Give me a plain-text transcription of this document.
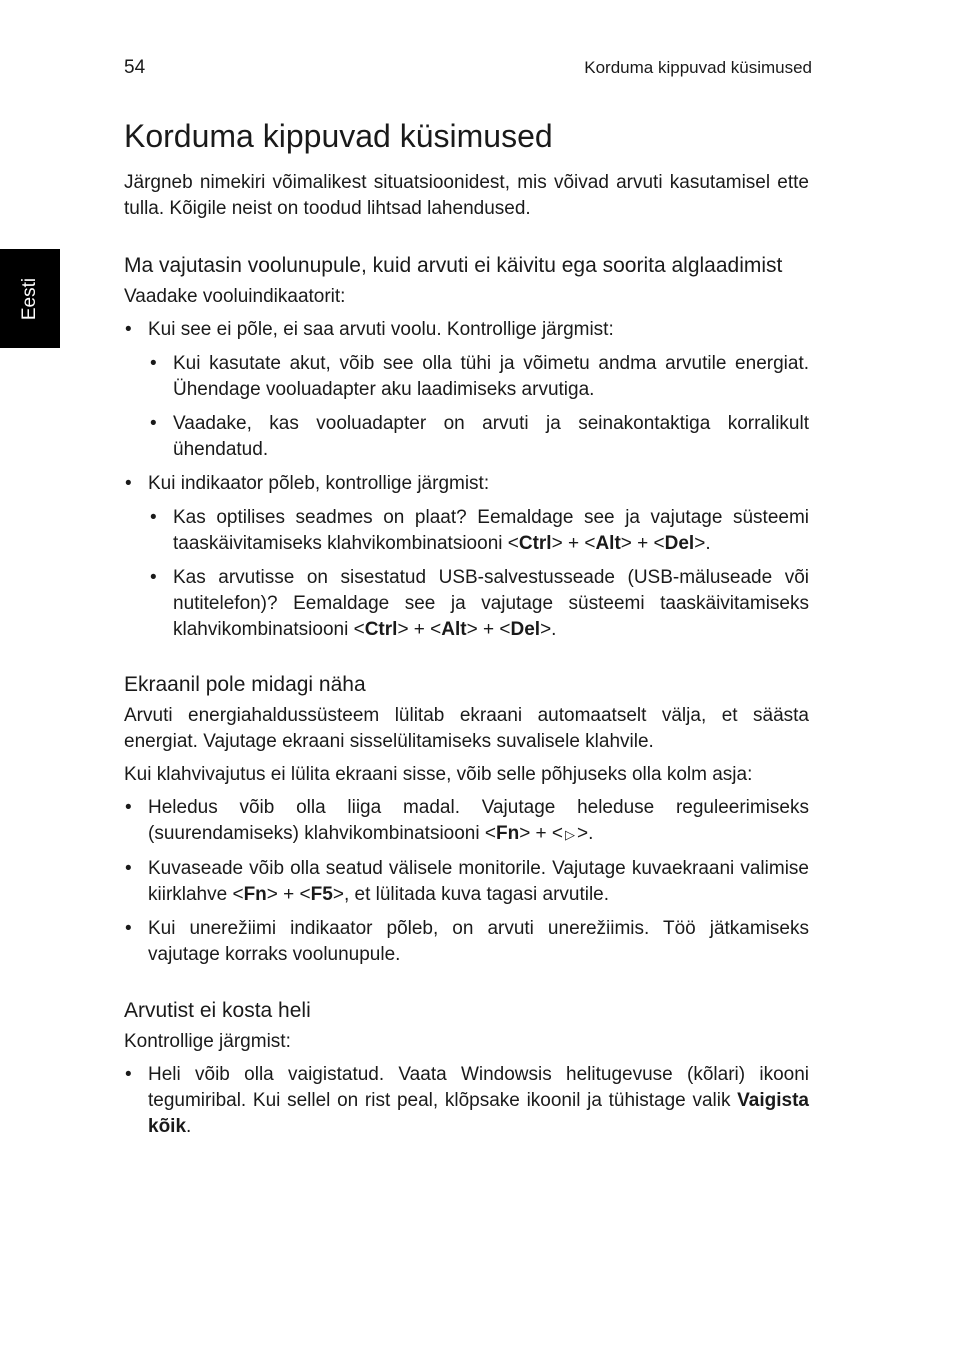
54	Korduma kippuvad küsimused
Eesti
Korduma kippuvad küsimused

Järgneb nimekiri võimalikest situatsioonidest, mis võivad arvuti kasutamisel ette tulla. Kõigile neist on toodud lihtsad lahendused.

Ma vajutasin voolunupule, kuid arvuti ei käivitu ega soorita alglaadimist

Vaadake vooluindikaatorit:

• Kui see ei põle, ei saa arvuti voolu. Kontrollige järgmist:
• Kui kasutate akut, võib see olla tühi ja võimetu andma arvutile energiat. Ühendage vooluadapter aku laadimiseks arvutiga.
• Vaadake, kas vooluadapter on arvuti ja seinakontaktiga korralikult ühendatud.
• Kui indikaator põleb, kontrollige järgmist:
• Kas optilises seadmes on plaat? Eemaldage see ja vajutage süsteemi taaskäivitamiseks klahvikombinatsiooni <Ctrl> + <Alt> + <Del>.
• Kas arvutisse on sisestatud USB-salvestusseade (USB-mäluseade või nutitelefon)? Eemaldage see ja vajutage süsteemi taaskäivitamiseks klahvikombinatsiooni <Ctrl> + <Alt> + <Del>.
Ekraanil pole midagi näha

Arvuti energiahaldussüsteem lülitab ekraani automaatselt välja, et säästa energiat. Vajutage ekraani sisselülitamiseks suvalisele klahvile.

Kui klahvivajutus ei lülita ekraani sisse, võib selle põhjuseks olla kolm asja:

• Heledus võib olla liiga madal. Vajutage heleduse reguleerimiseks (suurendamiseks) klahvikombinatsiooni <Fn> + < ▷ >.
• Kuvaseade võib olla seatud välisele monitorile. Vajutage kuvaekraani valimise kiirklahve <Fn> + <F5>, et lülitada kuva tagasi arvutile.
• Kui unerežiimi indikaator põleb, on arvuti unerežiimis. Töö jätkamiseks vajutage korraks voolunupule.
Arvutist ei kosta heli

Kontrollige järgmist:

• Heli võib olla vaigistatud. Vaata Windowsis helitugevuse (kõlari) ikooni tegumiribal. Kui sellel on rist peal, klõpsake ikoonil ja tühistage valik Vaigista kõik.
